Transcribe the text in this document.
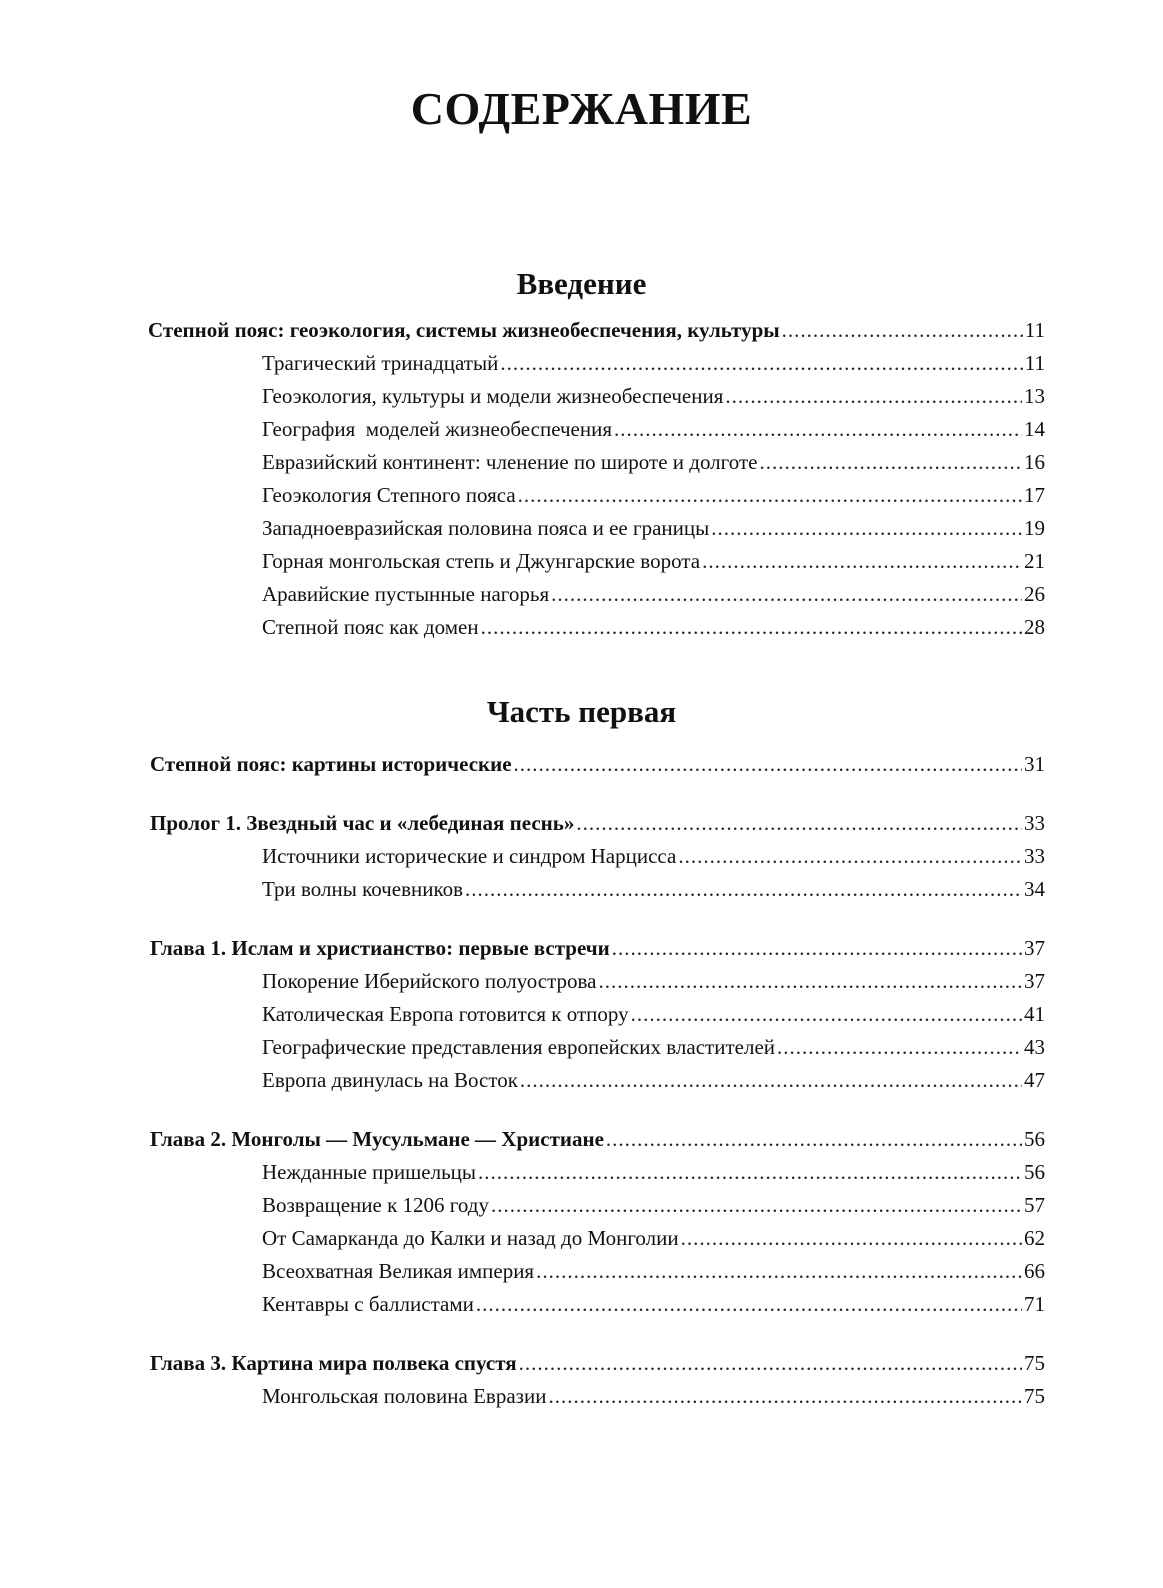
СОДЕРЖАНИЕ
Введение
Степной пояс: геоэкология, системы жизнеобеспечения, культуры .....	11
Трагический тринадцатый .....	11
Геоэкология, культуры и модели жизнеобеспечения .....	13
География  моделей жизнеобеспечения .....	14
Евразийский континент: членение по широте и долготе .....	16
Геоэкология Степного пояса .....	17
Западноевразийская половина пояса и ее границы .....	19
Горная монгольская степь и Джунгарские ворота .....	21
Аравийские пустынные нагорья .....	26
Степной пояс как домен .....	28
Часть первая
Степной пояс: картины исторические .....	31
Пролог 1. Звездный час и «лебединая песнь» .....	33
Источники исторические и синдром Нарцисса .....	33
Три волны кочевников .....	34
Глава 1. Ислам и христианство: первые встречи .....	37
Покорение Иберийского полуострова .....	37
Католическая Европа готовится к отпору .....	41
Географические представления европейских властителей .....	43
Европа двинулась на Восток .....	47
Глава 2. Монголы — Мусульмане — Христиане .....	56
Нежданные пришельцы .....	56
Возвращение к 1206 году .....	57
От Самарканда до Калки и назад до Монголии .....	62
Всеохватная Великая империя .....	66
Кентавры с баллистами .....	71
Глава 3. Картина мира полвека спустя .....	75
Монгольская половина Евразии .....	75
